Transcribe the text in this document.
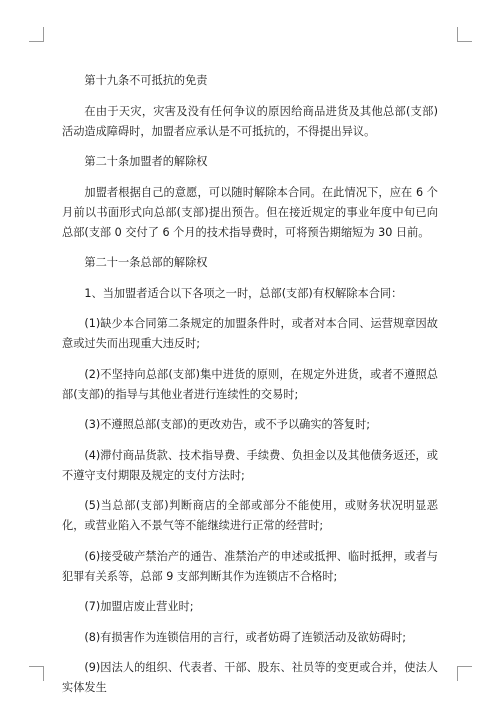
第十九条不可抵抗的免责

在由于天灾，灾害及没有任何争议的原因给商品进货及其他总部(支部)活动造成障碍时，加盟者应承认是不可抵抗的，不得提出异议。

第二十条加盟者的解除权

加盟者根据自己的意愿，可以随时解除本合同。在此情况下，应在 6 个月前以书面形式向总部(支部)提出预告。但在接近规定的事业年度中旬已向总部(支部 0 交付了 6 个月的技术指导费时，可将预告期缩短为 30 日前。

第二十一条总部的解除权

1、当加盟者适合以下各项之一时，总部(支部)有权解除本合同：

(1)缺少本合同第二条规定的加盟条件时，或者对本合同、运营规章因故意或过失而出现重大违反时;

(2)不坚持向总部(支部)集中进货的原则，在规定外进货，或者不遵照总部(支部)的指导与其他业者进行连续性的交易时;

(3)不遵照总部(支部)的更改劝告，或不予以确实的答复时;

(4)滞付商品货款、技术指导费、手续费、负担金以及其他债务返还，或不遵守支付期限及规定的支付方法时;

(5)当总部(支部)判断商店的全部或部分不能使用，或财务状况明显恶化，或营业陷入不景气等不能继续进行正常的经营时;

(6)接受破产禁治产的通告、准禁治产的申述或抵押、临时抵押，或者与犯罪有关系等，总部 9 支部判断其作为连锁店不合格时;

(7)加盟店废止营业时;

(8)有损害作为连锁信用的言行，或者妨碍了连锁活动及欲妨碍时;

(9)因法人的组织、代表者、干部、股东、社员等的变更或合并，使法人实体发生
